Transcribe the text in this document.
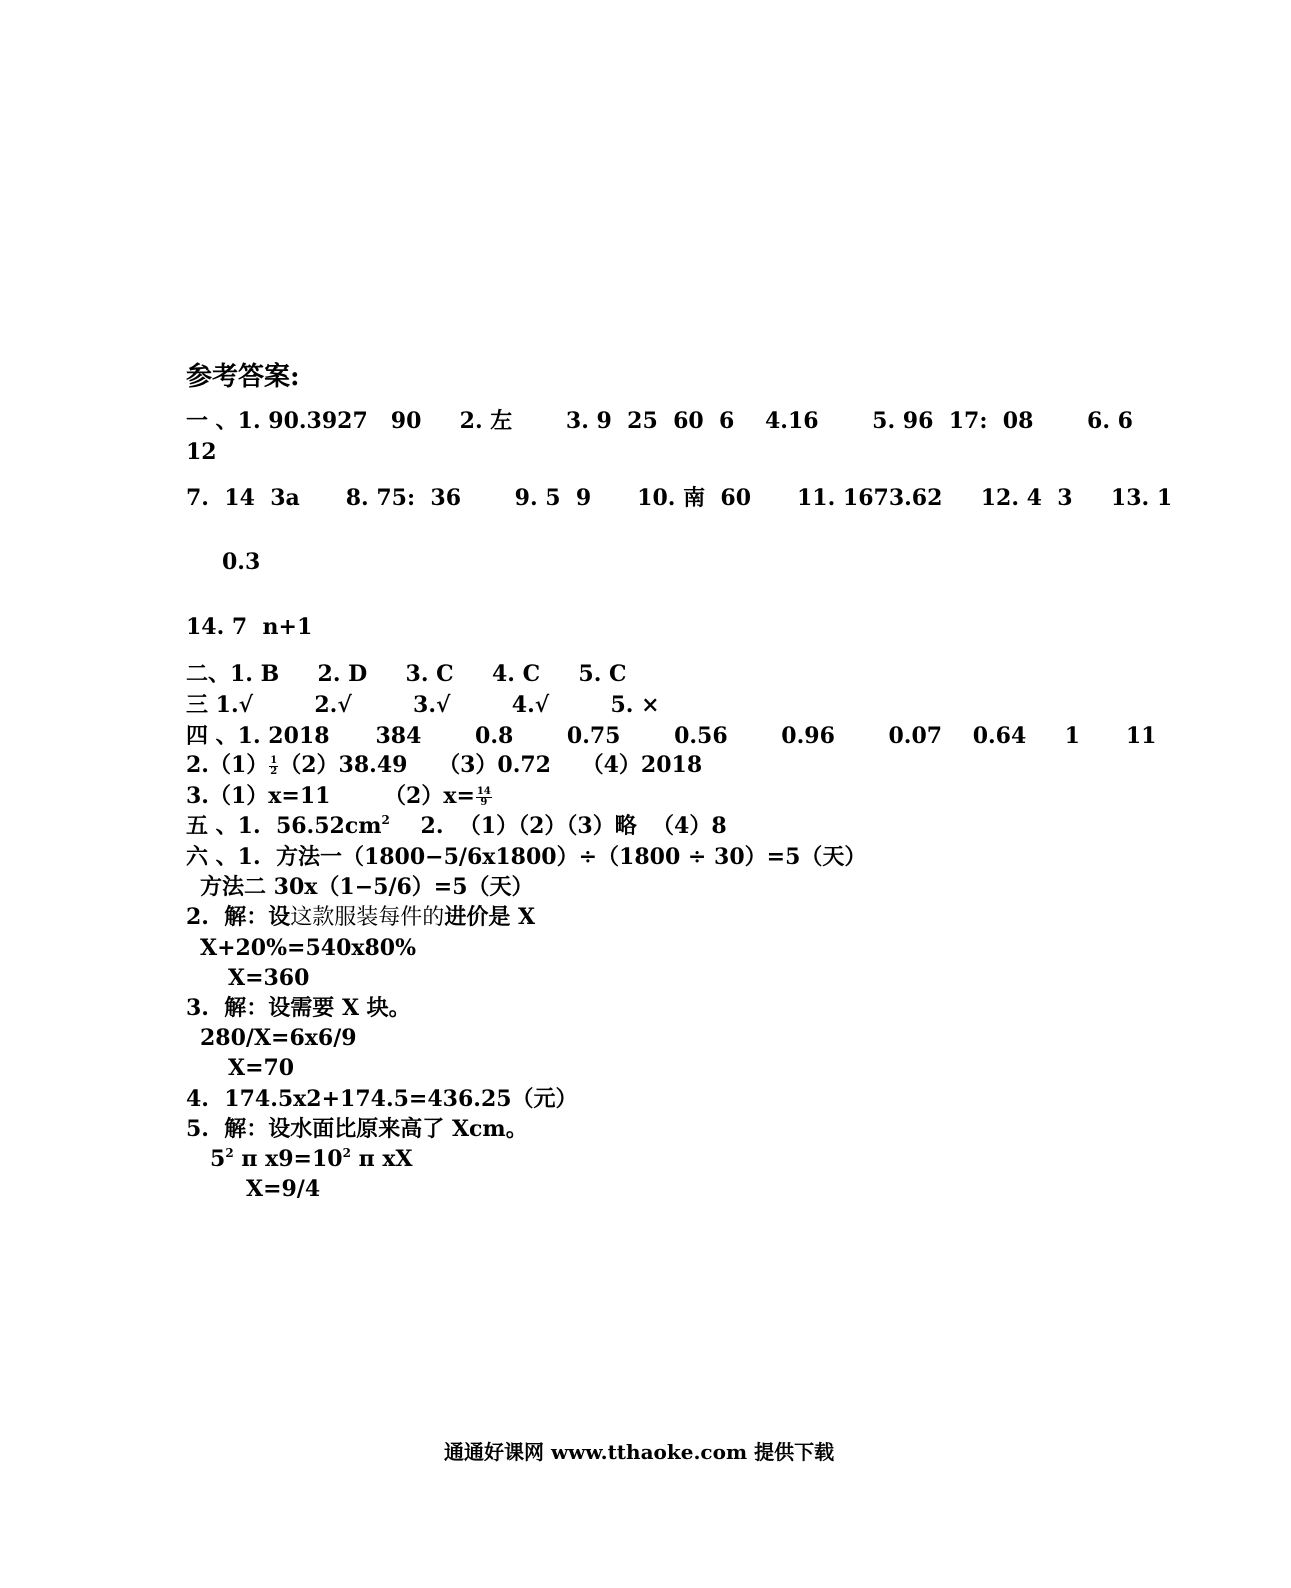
参考答案:
一 、1. 90.3927   90     2. 左       3. 9  25  60  6    4.16       5. 96  17:  08       6. 6
12
7.  14  3a      8. 75:  36       9. 5  9      10. 南  60      11. 1673.62     12. 4  3     13. 1
0.3
14. 7  n+1
二、1. B     2. D     3. C     4. C     5. C
三 1.√        2.√        3.√        4.√        5. ×
四 、1. 2018      384       0.8       0.75       0.56       0.96       0.07    0.64     1      11
$2.(1) \frac{1}{2} (2)38.49$    （3）0.72    （4）2018
3.（1）x=11       $(2)x= \frac{14}{9}$
五 、1.  $56.52cm^2$    2.  （1）（2）（3）略  （4）8
六 、1.  方法一（1800−5/6x1800）÷（1800 ÷ 30）=5（天）
方法二 30x（1−5/6）=5（天）
2.  解：设这款服装每件的进价是 X
X+20%=540x80%
X=360
3.  解：设需要 X 块。
280/X=6x6/9
X=70
4.  174.5x2+174.5=436.25（元）
5.  解：设水面比原来高了 Xcm。
$5^2$ π $x9=10^2$ π xX
X=9/4
通通好课网 www.tthaoke.com 提供下载
